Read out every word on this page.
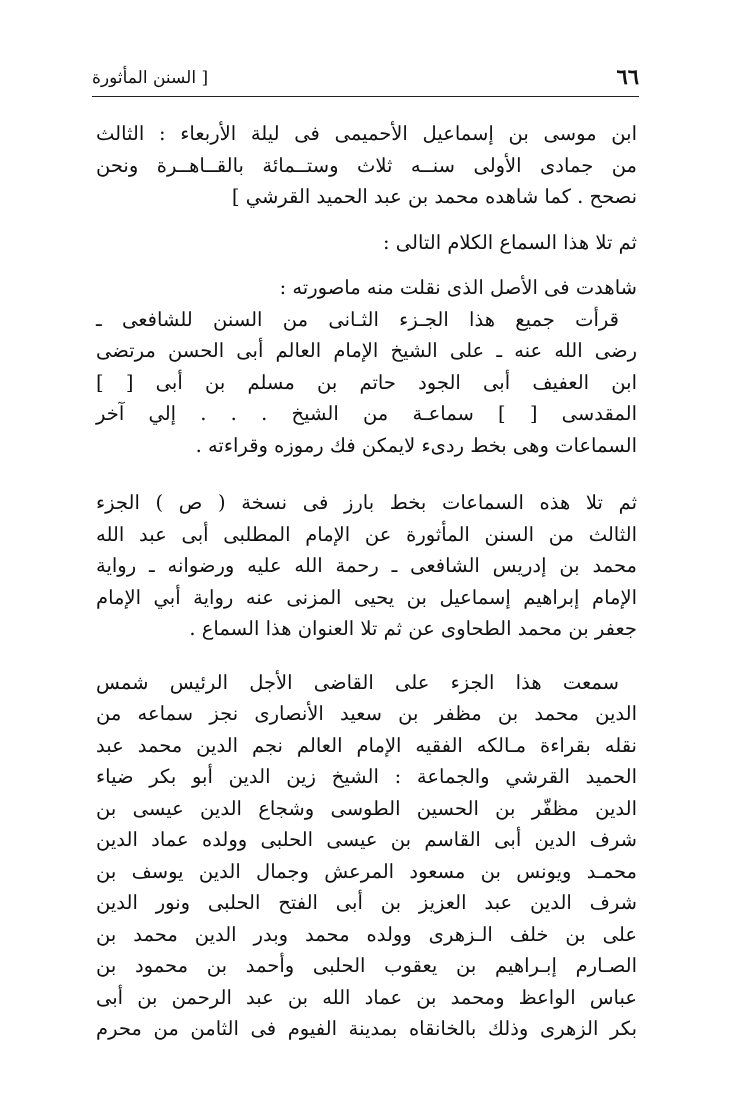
[ السنن المأثورة	٦٦
ابن موسى بن إسماعيل الأحميمى فى ليلة الأربعاء : الثالث
من جمادى الأولى سنــه ثلاث وستــمائة بالقــاهــرة ونحن
نصحح . كما شاهده محمد بن عبد الحميد القرشي ]
ثم تلا هذا السماع الكلام التالى :
شاهدت فى الأصل الذى نقلت منه ماصورته :
قرأت جميع هذا الجـزء الثـانى من السنن للشافعى ـ
رضى الله عنه ـ على الشيخ الإمام العالم أبى الحسن مرتضى
ابن العفيف أبى الجود حاتم بن مسلم بن أبى [ ]
المقدسى [ ] سماعـة من الشيخ . . . إلي آخر
السماعات وهى بخط ردىء لايمكن فك رموزه وقراءته .
ثم تلا هذه السماعات بخط بارز فى نسخة ( ص ) الجزء
الثالث من السنن المأثورة عن الإمام المطلبى أبى عبد الله
محمد بن إدريس الشافعى ـ رحمة الله عليه ورضوانه ـ رواية
الإمام إبراهيم إسماعيل بن يحيى المزنى عنه رواية أبي الإمام
جعفر بن محمد الطحاوى عن ثم تلا العنوان هذا السماع .
سمعت هذا الجزء على القاضى الأجل الرئيس شمس
الدين محمد بن مظفر بن سعيد الأنصارى نجز سماعه من
نقله بقراءة مـالكه الفقيه الإمام العالم نجم الدين محمد عبد
الحميد القرشي والجماعة : الشيخ زين الدين أبو بكر ضياء
الدين مظفّر بن الحسين الطوسى وشجاع الدين عيسى بن
شرف الدين أبى القاسم بن عيسى الحلبى وولده عماد الدين
محمـد ويونس بن مسعود المرعش وجمال الدين يوسف بن
شرف الدين عبد العزيز بن أبى الفتح الحلبى ونور الدين
على بن خلف الـزهرى وولده محمد وبدر الدين محمد بن
الصـارم إبـراهيم بن يعقوب الحلبى وأحمد بن محمود بن
عباس الواعظ ومحمد بن عماد الله بن عبد الرحمن بن أبى
بكر الزهرى وذلك بالخانقاه بمدينة الفيوم فى الثامن من محرم
